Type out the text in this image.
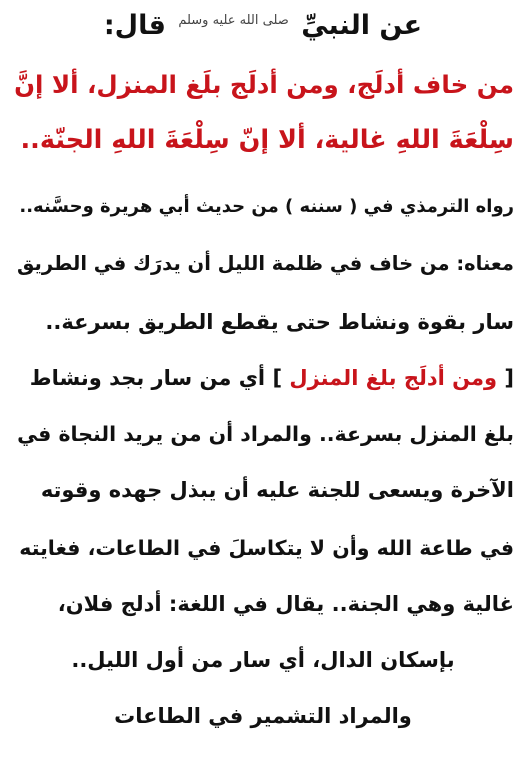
عن النبيِّ $^{صلى الله عليه وسلم}$ قال:
من خاف أدلَج، ومن أدلَج بلَغ المنزل، ألا إنَّ
سِلْعَةَ اللهِ غالية، ألا إنّ سِلْعَةَ اللهِ الجنّة..
رواه الترمذي في ( سننه ) من حديث أبي هريرة وحسَّنه..
معناه: من خاف في ظلمة الليل أن يدرَك في الطريق
سار بقوة ونشاط حتى يقطع الطريق بسرعة..
[ ومن أدلَج بلغ المنزل ] أي من سار بجد ونشاط
بلغ المنزل بسرعة.. والمراد أن من يريد النجاة في
الآخرة ويسعى للجنة عليه أن يبذل جهده وقوته
في طاعة الله وأن لا يتكاسلَ في الطاعات، فغايته
غالية وهي الجنة.. يقال في اللغة: أدلج فلان،
بإسكان الدال، أي سار من أول الليل..
والمراد التشمير في الطاعات
